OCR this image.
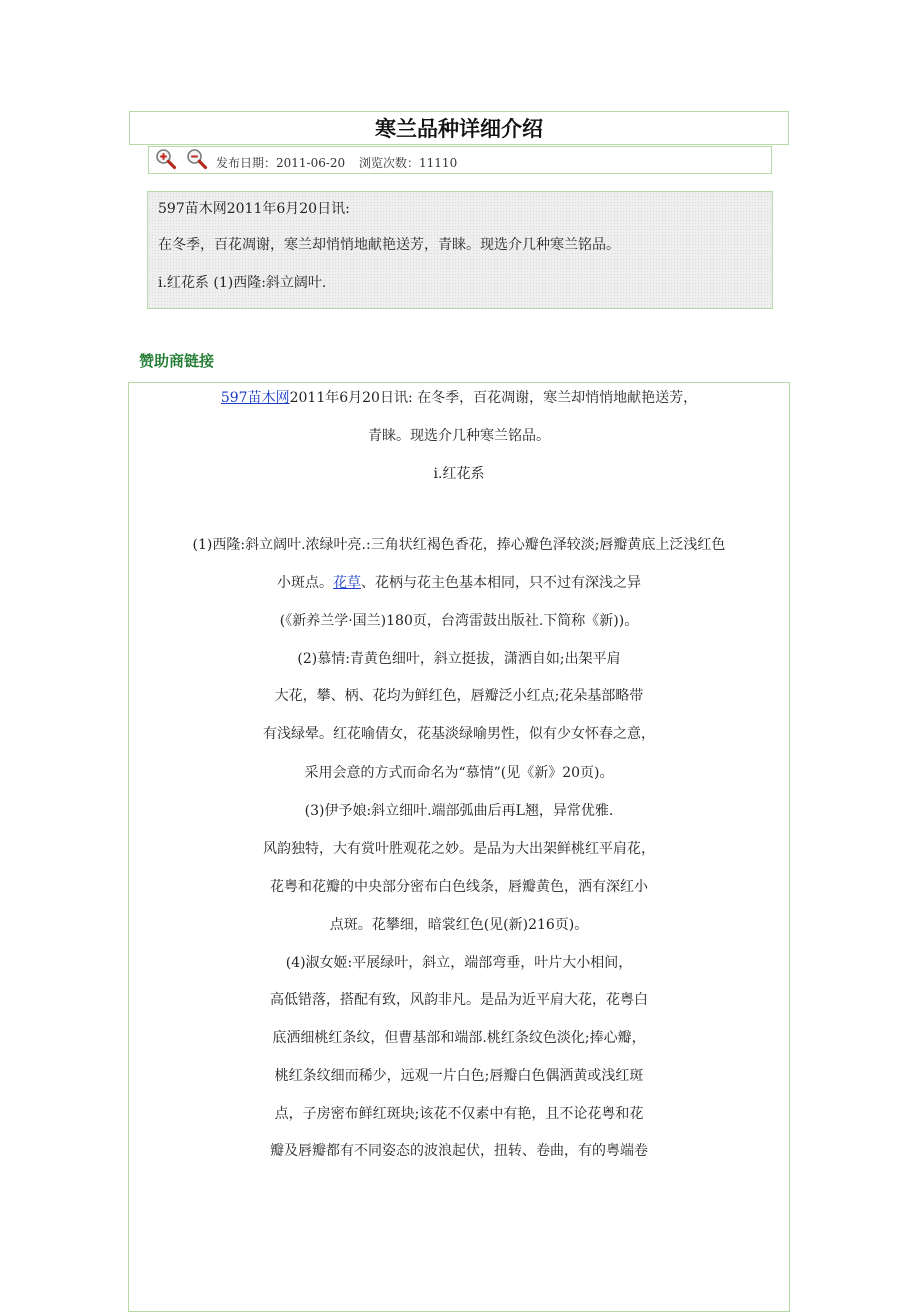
寒兰品种详细介绍
发布日期：2011-06-20 浏览次数：11110

597苗木网2011年6月20日讯:

在冬季，百花凋谢，寒兰却悄悄地献艳送芳，青睐。现选介几种寒兰铭品。

i.红花系 (1)西隆:斜立阔叶.

赞助商链接
597苗木网2011年6月20日讯: 在冬季，百花凋谢，寒兰却悄悄地献艳送芳，
青睐。现选介几种寒兰铭品。
i.红花系
(1)西隆:斜立阔叶.浓绿叶亮.:三角状红褐色香花，捧心瓣色泽较淡;唇瓣黄底上泛浅红色
小斑点。花草、花柄与花主色基本相同，只不过有深浅之异
(《新养兰学·国兰)180页，台湾雷鼓出版社.下简称《新))。
(2)慕情:青黄色细叶，斜立挺拔，潇洒自如;出架平肩
大花，攀、柄、花均为鲜红色，唇瓣泛小红点;花朵基部略带
有浅绿晕。红花喻倩女，花基淡绿喻男性，似有少女怀春之意，
采用会意的方式而命名为“慕情”(见《新》20页)。
(3)伊予娘:斜立细叶.端部弧曲后再L翘，异常优雅.
风韵独特，大有赏叶胜观花之妙。是品为大出架鲜桃红平肩花，
花粤和花瓣的中央部分密布白色线条，唇瓣黄色，洒有深红小
点斑。花攀细，暗裳红色(见(新)216页)。
(4)淑女姬:平展绿叶，斜立，端部弯垂，叶片大小相间，
高低错落，搭配有致，风韵非凡。是品为近平肩大花，花粤白
底洒细桃红条纹，但曹基部和端部.桃红条纹色淡化;捧心瓣，
桃红条纹细而稀少，远观一片白色;唇瓣白色偶洒黄或浅红斑
点，子房密布鲜红斑块;该花不仅素中有艳，且不论花粤和花
瓣及唇瓣都有不同姿态的波浪起伏，扭转、卷曲，有的粤端卷
